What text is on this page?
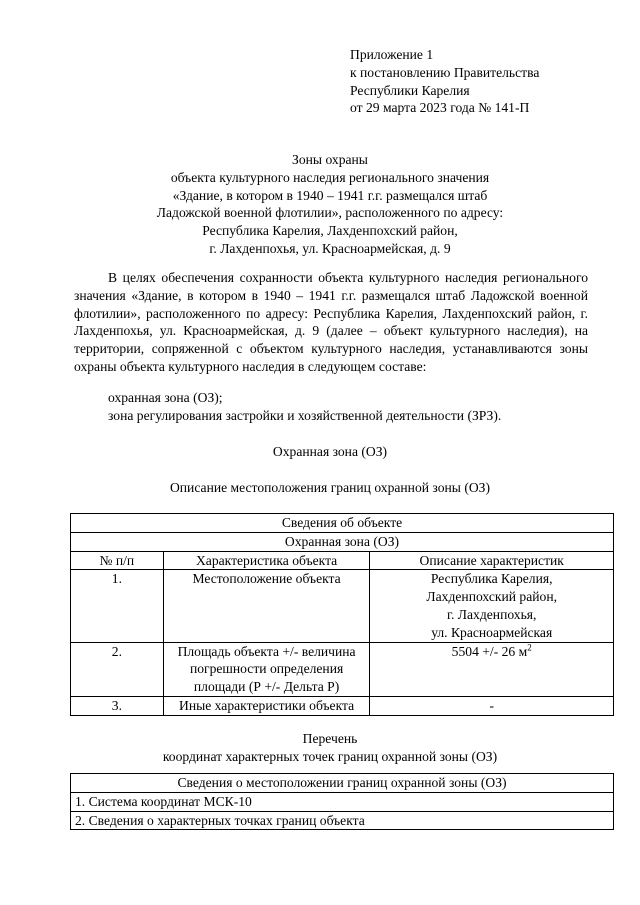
Приложение 1
к постановлению Правительства
Республики Карелия
от 29 марта 2023 года № 141-П
Зоны охраны
объекта культурного наследия регионального значения
«Здание, в котором в 1940 – 1941 г.г. размещался штаб
Ладожской военной флотилии», расположенного по адресу:
Республика Карелия, Лахденпохский район,
г. Лахденпохья, ул. Красноармейская, д. 9

В целях обеспечения сохранности объекта культурного наследия регионального значения «Здание, в котором в 1940 – 1941 г.г. размещался штаб Ладожской военной флотилии», расположенного по адресу: Республика Карелия, Лахденпохский район, г. Лахденпохья, ул. Красноармейская, д. 9 (далее – объект культурного наследия), на территории, сопряженной с объектом культурного наследия, устанавливаются зоны охраны объекта культурного наследия в следующем составе:

охранная зона (ОЗ);
зона регулирования застройки и хозяйственной деятельности (ЗРЗ).
Охранная зона (ОЗ)
Описание местоположения границ охранной зоны (ОЗ)
Сведения об объекте		
Охранная зона (ОЗ)		
№ п/п	Характеристика объекта	Описание характеристик
1.	Местоположение объекта	Республика Карелия,
Лахденпохский район,
г. Лахденпохья,
ул. Красноармейская

2.	Площадь объекта +/- величина
погрешности определения
площади (Р +/- Дельта Р)	5504 +/- 26 $м^2$
3.	Иные характеристики объекта	-
Перечень
координат характерных точек границ охранной зоны (ОЗ)
Сведения о местоположении границ охранной зоны (ОЗ)
1. Система координат МСК-10
2. Сведения о характерных точках границ объекта
